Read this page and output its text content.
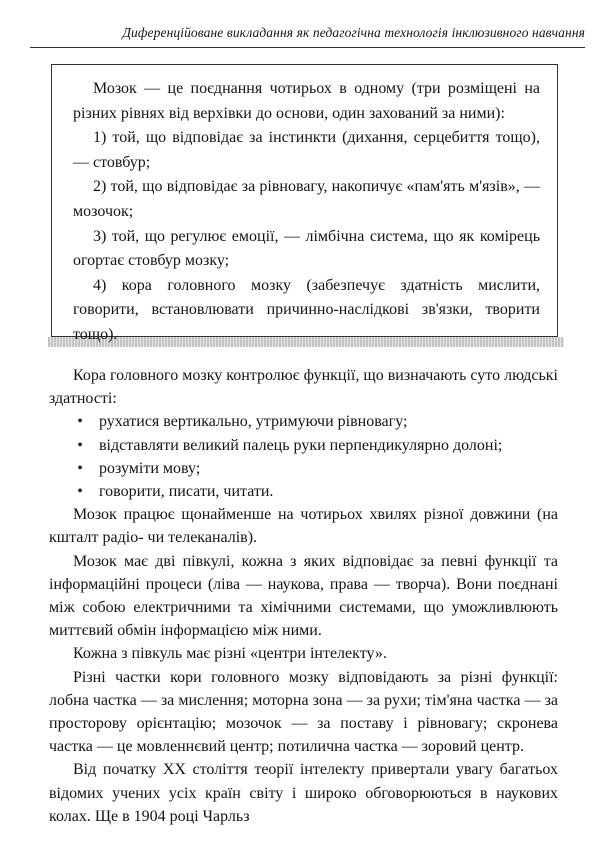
Диференційоване викладання як педагогічна технологія інклюзивного навчання

Мозок — це поєднання чотирьох в одному (три розміщені на різних рівнях від верхівки до основи, один захований за ними):

1) той, що відповідає за інстинкти (дихання, серцебиття тощо), — стовбур;

2) той, що відповідає за рівновагу, накопичує «пам'ять м'язів», — мозочок;

3) той, що регулює емоції, — лімбічна система, що як комірець огортає стовбур мозку;

4) кора головного мозку (забезпечує здатність мислити, говорити, встановлювати причинно-наслідкові зв'язки, творити тощо).

Кора головного мозку контролює функції, що визначають суто людські здатності:

• рухатися вертикально, утримуючи рівновагу;
• відставляти великий палець руки перпендикулярно долоні;
• розуміти мову;
• говорити, писати, читати.

Мозок працює щонайменше на чотирьох хвилях різної довжини (на кшталт радіо- чи телеканалів).

Мозок має дві півкулі, кожна з яких відповідає за певні функції та інформаційні процеси (ліва — наукова, права — творча). Вони поєднані між собою електричними та хімічними системами, що уможливлюють миттєвий обмін інформацією між ними.

Кожна з півкуль має різні «центри інтелекту».

Різні частки кори головного мозку відповідають за різні функції: лобна частка — за мислення; моторна зона — за рухи; тім'яна частка — за просторову орієнтацію; мозочок — за поставу і рівновагу; скронева частка — це мовленнєвий центр; потилична частка — зоровий центр.

Від початку XX століття теорії інтелекту привертали увагу багатьох відомих учених усіх країн світу і широко обговорюються в наукових колах. Ще в 1904 році Чарльз
